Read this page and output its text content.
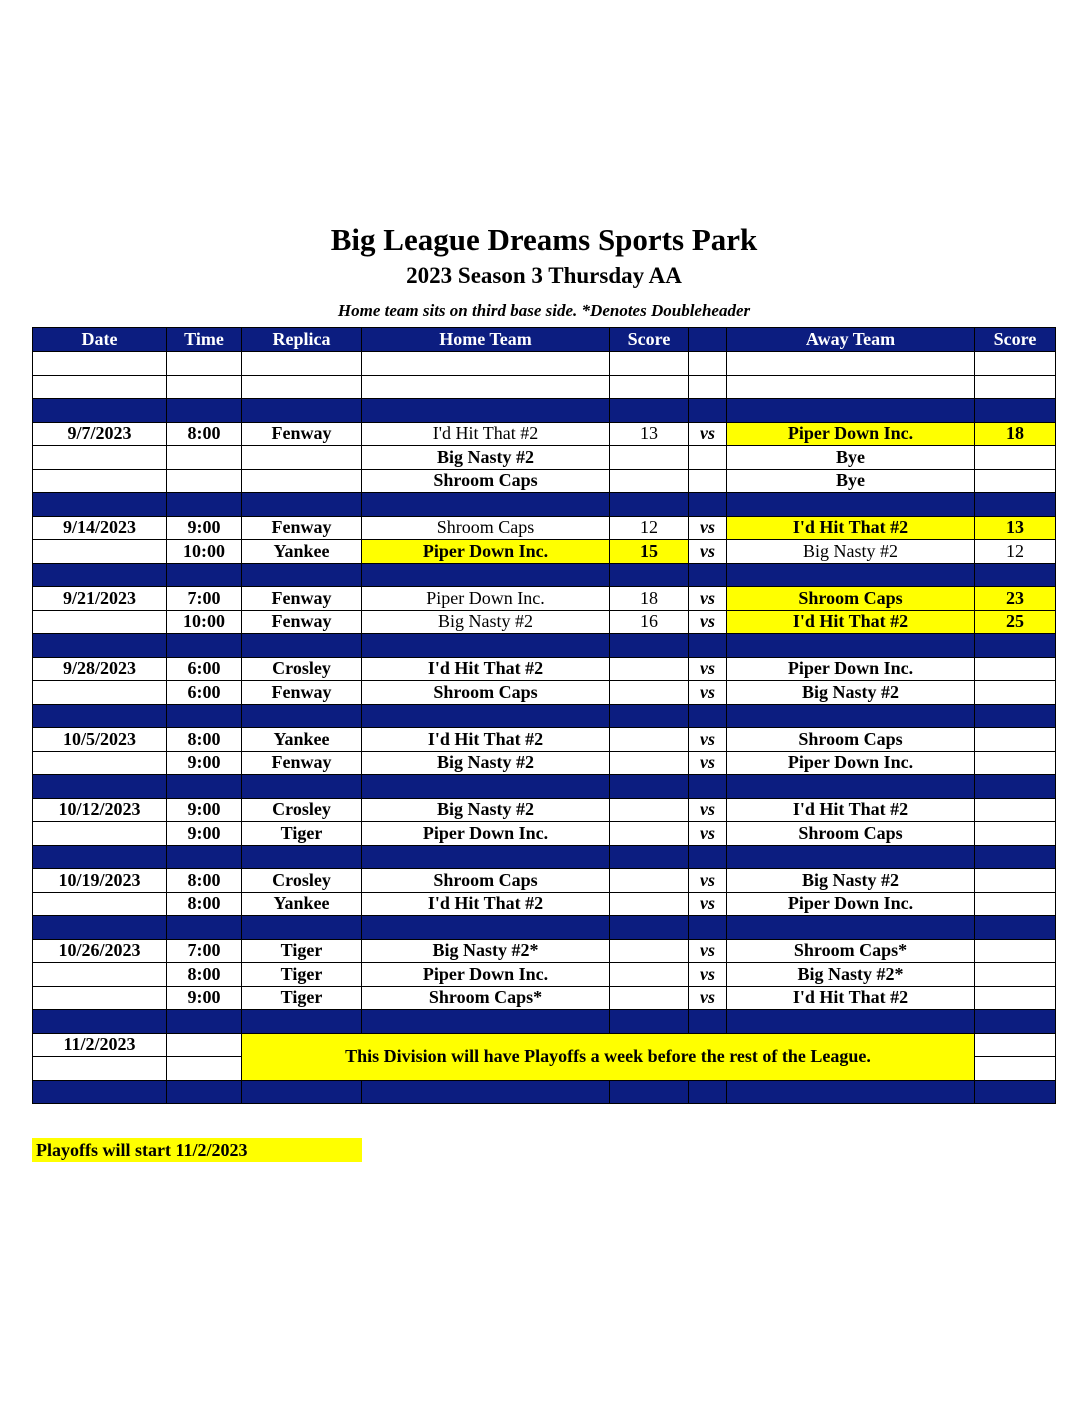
Big League Dreams Sports Park
2023 Season 3 Thursday AA
Home team sits on third base side. *Denotes Doubleheader
Date	Time	Replica	Home Team	Score		Away Team	Score

9/7/2023	8:00	Fenway	I'd Hit That #2	13	vs	Piper Down Inc.	18
			Big Nasty #2			Bye	
			Shroom Caps			Bye	

9/14/2023	9:00	Fenway	Shroom Caps	12	vs	I'd Hit That #2	13
	10:00	Yankee	Piper Down Inc.	15	vs	Big Nasty #2	12

9/21/2023	7:00	Fenway	Piper Down Inc.	18	vs	Shroom Caps	23
	10:00	Fenway	Big Nasty #2	16	vs	I'd Hit That #2	25

9/28/2023	6:00	Crosley	I'd Hit That #2		vs	Piper Down Inc.	
	6:00	Fenway	Shroom Caps		vs	Big Nasty #2	

10/5/2023	8:00	Yankee	I'd Hit That #2		vs	Shroom Caps	
	9:00	Fenway	Big Nasty #2		vs	Piper Down Inc.	

10/12/2023	9:00	Crosley	Big Nasty #2		vs	I'd Hit That #2	
	9:00	Tiger	Piper Down Inc.		vs	Shroom Caps	

10/19/2023	8:00	Crosley	Shroom Caps		vs	Big Nasty #2	
	8:00	Yankee	I'd Hit That #2		vs	Piper Down Inc.	

10/26/2023	7:00	Tiger	Big Nasty #2*		vs	Shroom Caps*	
	8:00	Tiger	Piper Down Inc.		vs	Big Nasty #2*	
	9:00	Tiger	Shroom Caps*		vs	I'd Hit That #2	

11/2/2023		This Division will have Playoffs a week before the rest of the League.					

Playoffs will start 11/2/2023
